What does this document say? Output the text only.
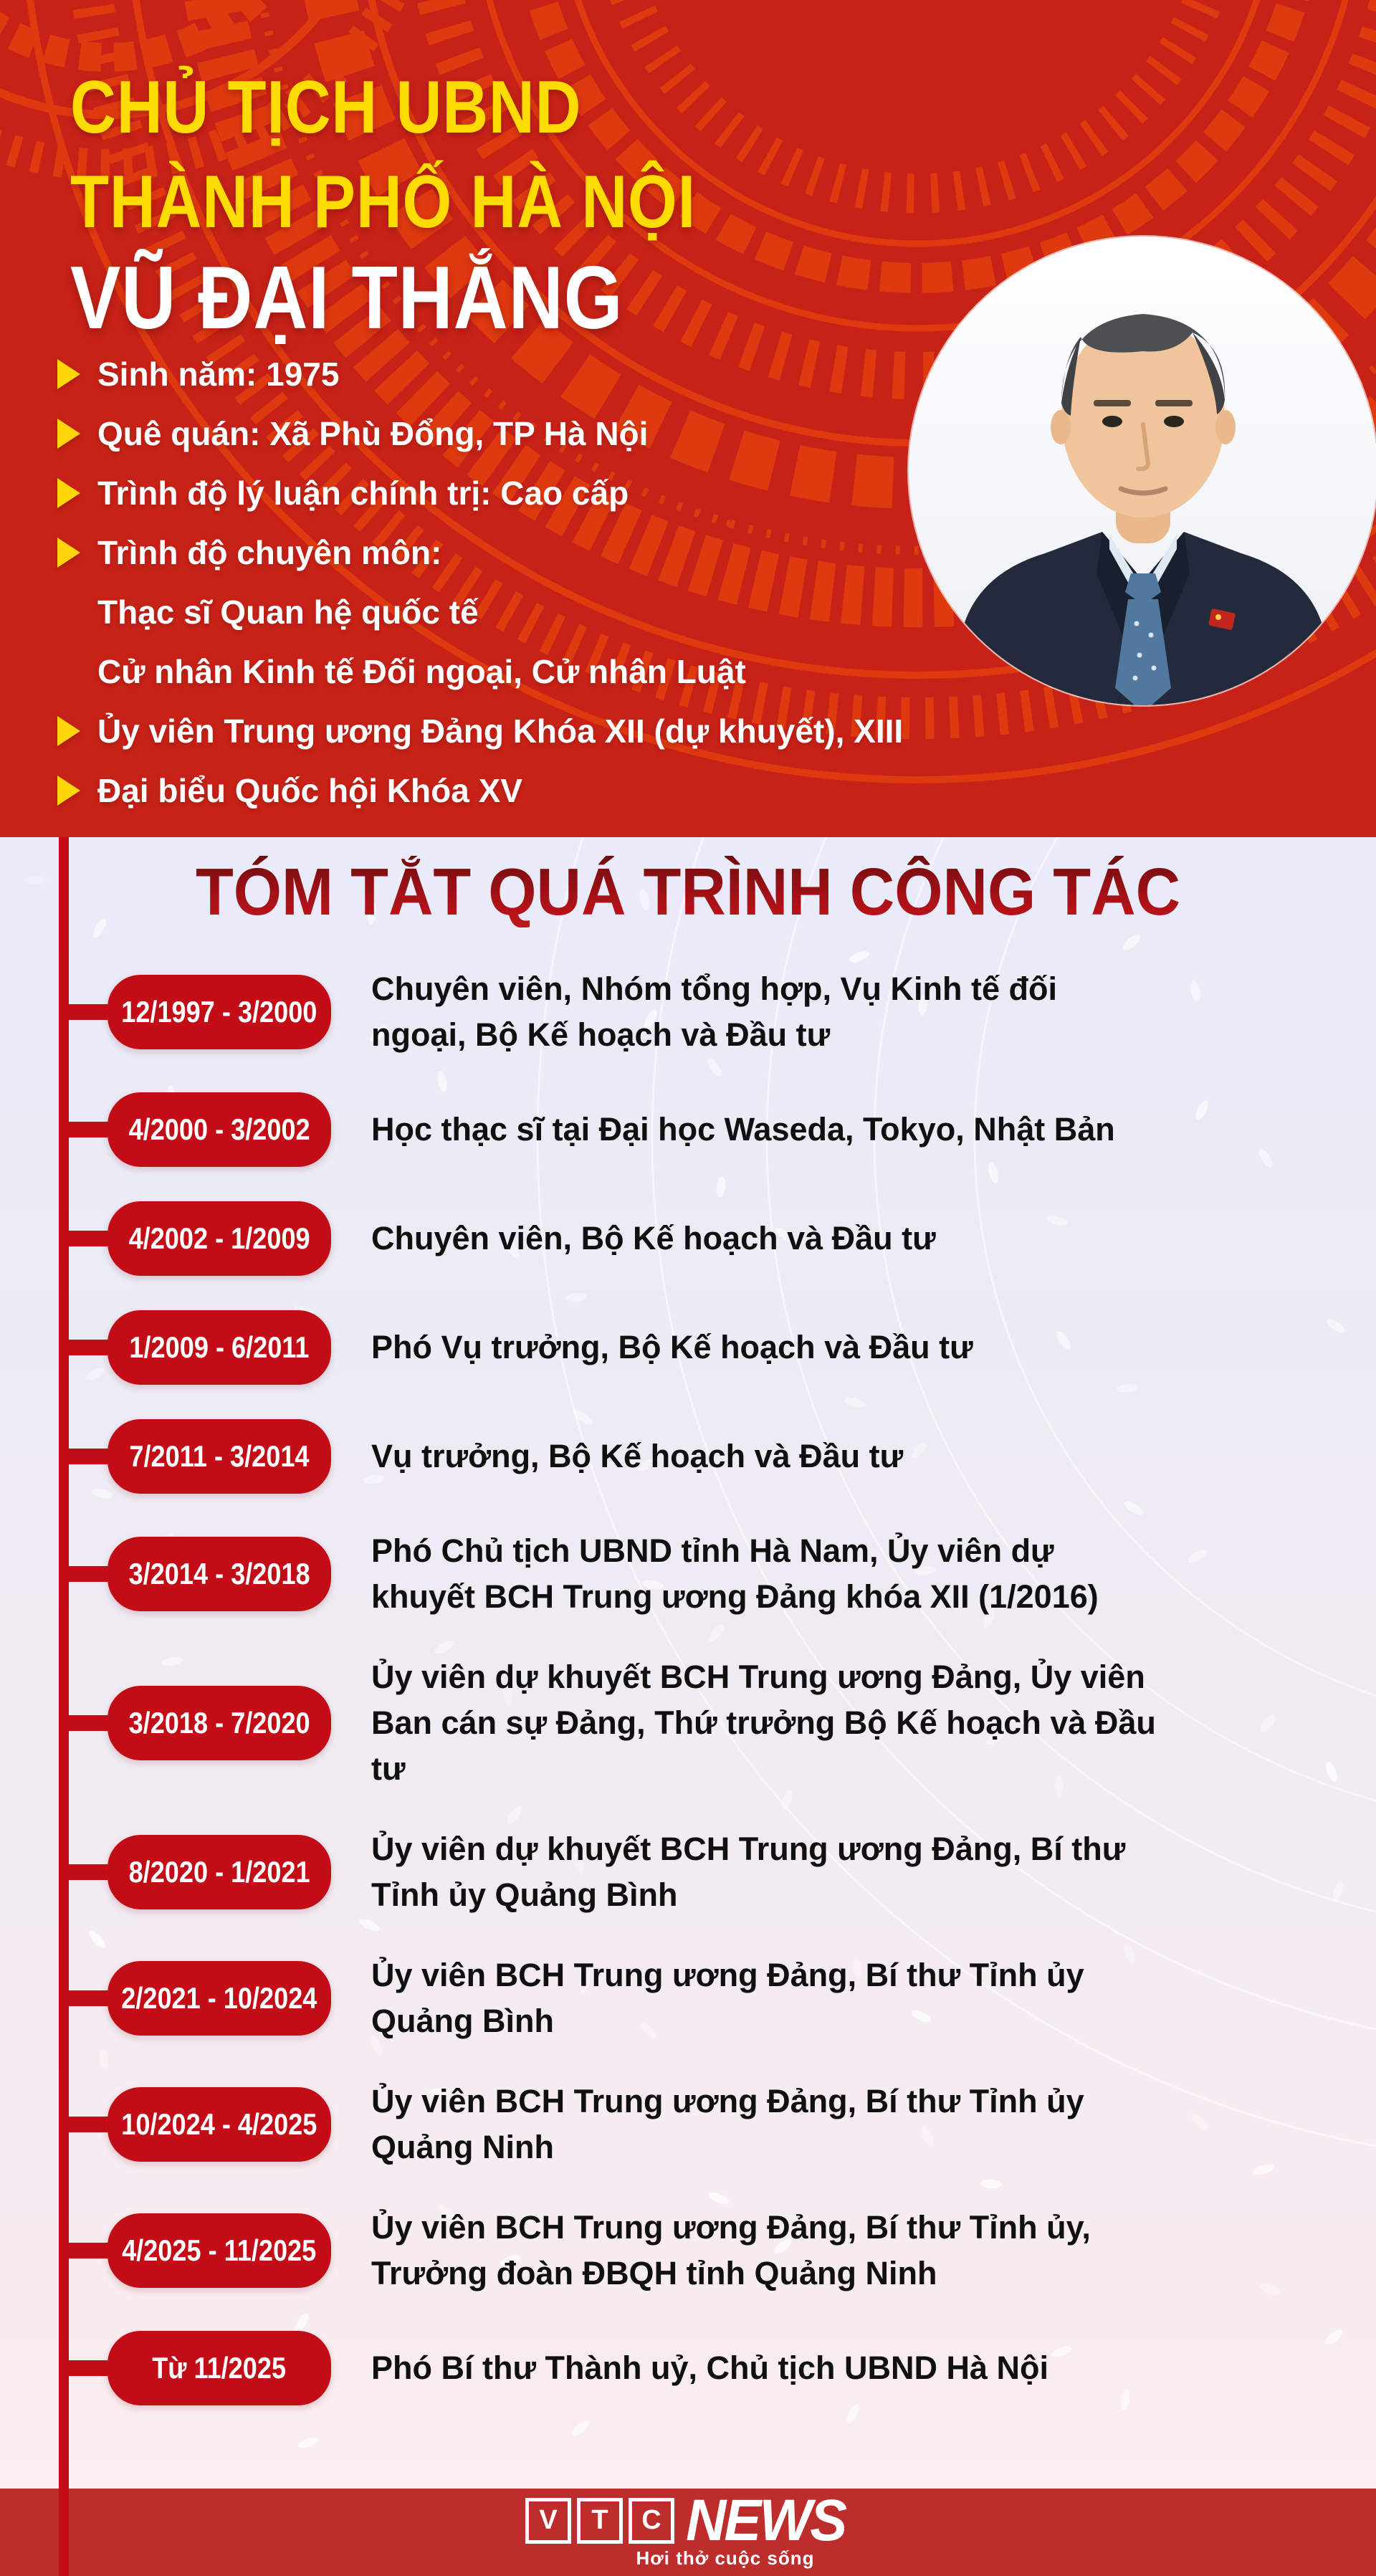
CHỦ TỊCH UBND
THÀNH PHỐ HÀ NỘI
VŨ ĐẠI THẮNG
Sinh năm: 1975
Quê quán: Xã Phù Đổng, TP Hà Nội
Trình độ lý luận chính trị: Cao cấp
Trình độ chuyên môn:
Thạc sĩ Quan hệ quốc tế
Cử nhân Kinh tế Đối ngoại, Cử nhân Luật
Ủy viên Trung ương Đảng Khóa XII (dự khuyết), XIII
Đại biểu Quốc hội Khóa XV
TÓM TẮT QUÁ TRÌNH CÔNG TÁC
12/1997 - 3/2000
Chuyên viên, Nhóm tổng hợp, Vụ Kinh tế đối ngoại, Bộ Kế hoạch và Đầu tư
4/2000 - 3/2002 Học thạc sĩ tại Đại học Waseda, Tokyo, Nhật Bản
4/2002 - 1/2009 Chuyên viên, Bộ Kế hoạch và Đầu tư
1/2009 - 6/2011 Phó Vụ trưởng, Bộ Kế hoạch và Đầu tư
7/2011 - 3/2014 Vụ trưởng, Bộ Kế hoạch và Đầu tư
3/2014 - 3/2018
Phó Chủ tịch UBND tỉnh Hà Nam, Ủy viên dự khuyết BCH Trung ương Đảng khóa XII (1/2016)
3/2018 - 7/2020
Ủy viên dự khuyết BCH Trung ương Đảng, Ủy viên Ban cán sự Đảng, Thứ trưởng Bộ Kế hoạch và Đầu tư
8/2020 - 1/2021
Ủy viên dự khuyết BCH Trung ương Đảng, Bí thư Tỉnh ủy Quảng Bình
2/2021 - 10/2024
Ủy viên BCH Trung ương Đảng, Bí thư Tỉnh ủy Quảng Bình
10/2024 - 4/2025
Ủy viên BCH Trung ương Đảng, Bí thư Tỉnh ủy Quảng Ninh
4/2025 - 11/2025
Ủy viên BCH Trung ương Đảng, Bí thư Tỉnh ủy, Trưởng đoàn ĐBQH tỉnh Quảng Ninh
Từ 11/2025	Phó Bí thư Thành uỷ, Chủ tịch UBND Hà Nội
V	T	C NEWS
Hơi thở cuộc sống
